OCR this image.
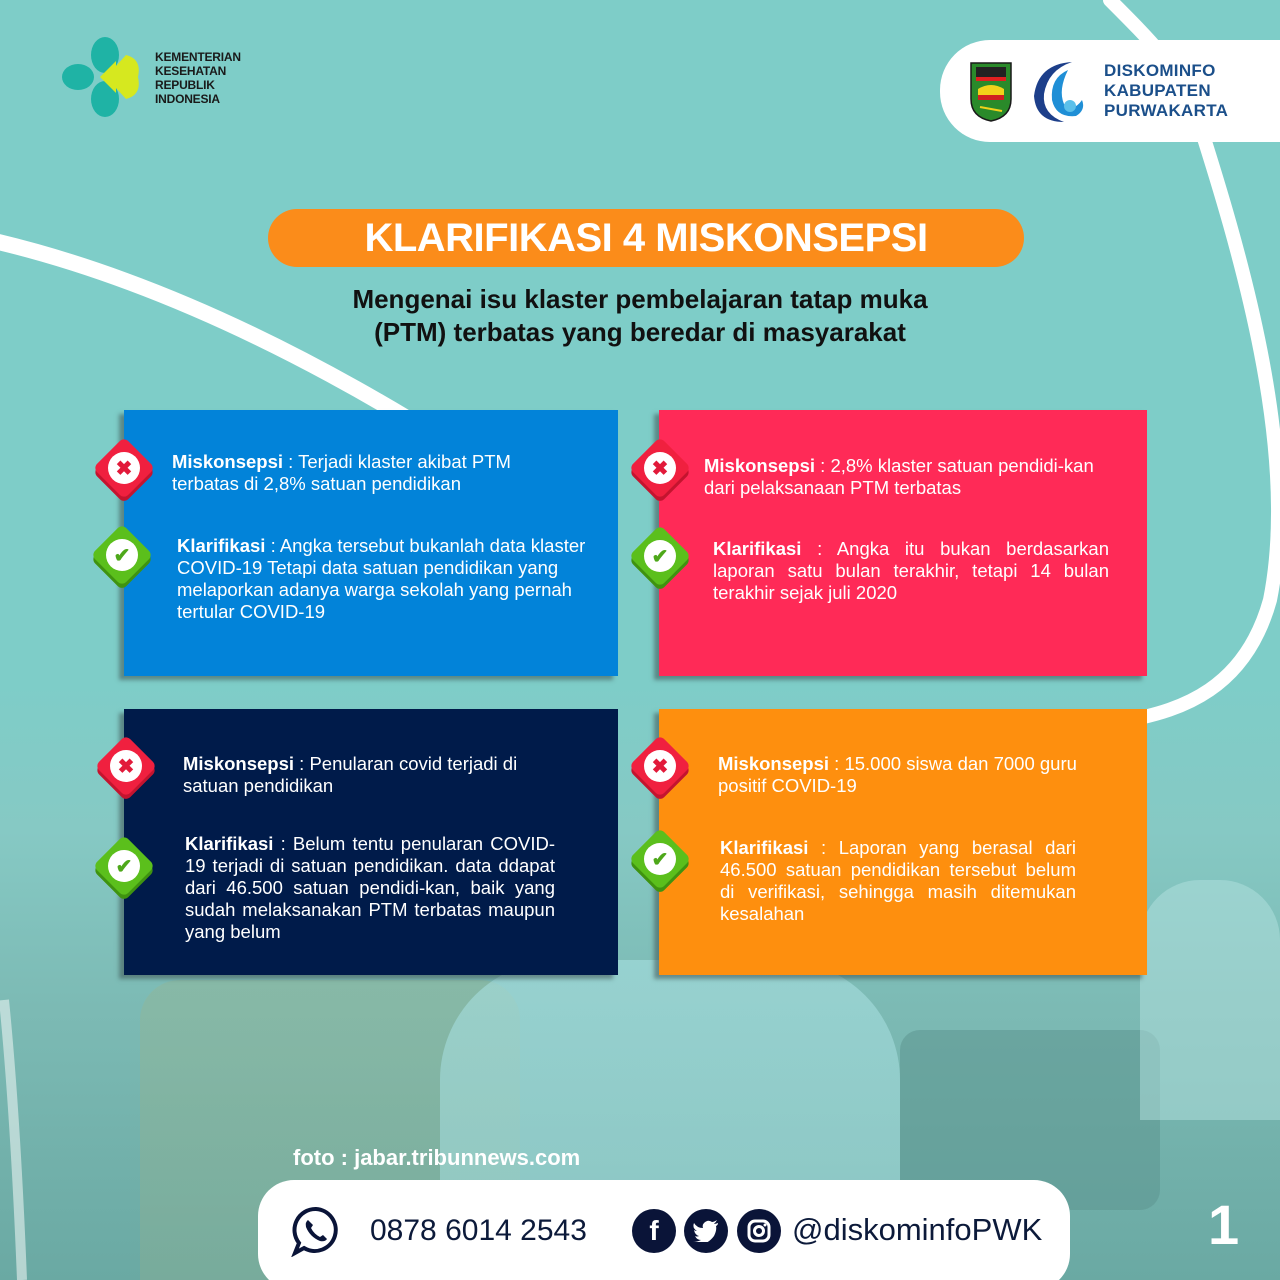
KEMENTERIAN
KESEHATAN
REPUBLIK
INDONESIA
DISKOMINFO
KABUPATEN
PURWAKARTA
KLARIFIKASI 4 MISKONSEPSI
Mengenai isu klaster pembelajaran tatap muka
(PTM) terbatas yang beredar di masyarakat
Miskonsepsi : Terjadi klaster akibat PTM terbatas di 2,8% satuan pendidikan
Klarifikasi : Angka tersebut bukanlah data klaster COVID-19 Tetapi data satuan pendidikan yang melaporkan adanya warga sekolah yang pernah tertular COVID-19
✖
✔
Miskonsepsi : 2,8% klaster satuan pendidi-kan dari pelaksanaan PTM terbatas
Klarifikasi : Angka itu bukan berdasarkan laporan satu bulan terakhir, tetapi 14 bulan terakhir sejak juli 2020
✖
✔
Miskonsepsi : Penularan covid terjadi di satuan pendidikan
Klarifikasi : Belum tentu penularan COVID-19 terjadi di satuan pendidikan. data ddapat dari 46.500 satuan pendidi-kan, baik yang sudah melaksanakan PTM terbatas maupun yang belum
✖
✔
Miskonsepsi : 15.000 siswa dan 7000 guru positif COVID-19
Klarifikasi : Laporan yang berasal dari 46.500 satuan pendidikan tersebut belum di verifikasi, sehingga masih ditemukan kesalahan
✖
✔
foto : jabar.tribunnews.com
0878 6014 2543 f	@diskominfoPWK	1
